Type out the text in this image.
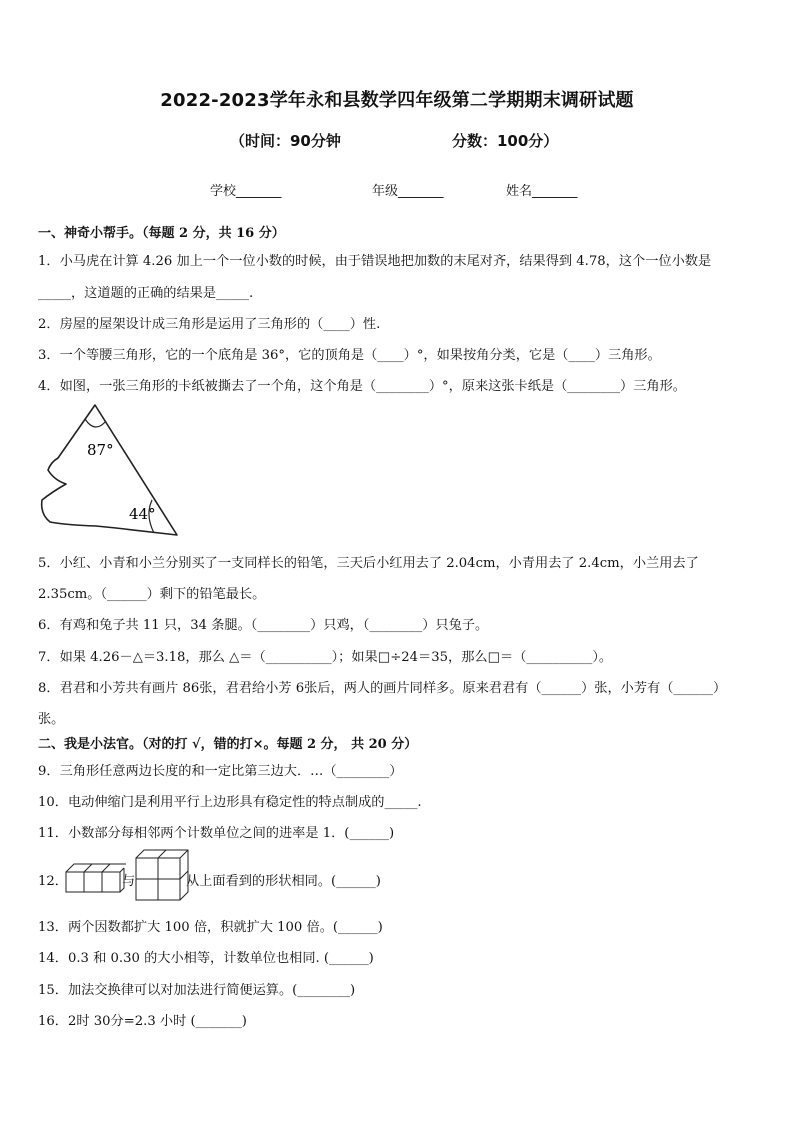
2022-2023学年永和县数学四年级第二学期期末调研试题
（时间：90分钟	分数：100分）
学校_______	年级_______	姓名_______
一、神奇小帮手。（每题 2 分，共 16 分）
1．小马虎在计算 4.26 加上一个一位小数的时候，由于错误地把加数的末尾对齐，结果得到 4.78，这个一位小数是
_____，这道题的正确的结果是_____.
2．房屋的屋架设计成三角形是运用了三角形的（____）性.
3．一个等腰三角形，它的一个底角是 36°，它的顶角是（____）°，如果按角分类，它是（____）三角形。
4．如图，一张三角形的卡纸被撕去了一个角，这个角是（________）°，原来这张卡纸是（________）三角形。
87°
44°
5．小红、小青和小兰分别买了一支同样长的铅笔，三天后小红用去了 2.04cm，小青用去了 2.4cm，小兰用去了
2.35cm。（______）剩下的铅笔最长。
6．有鸡和兔子共 11 只，34 条腿。（________）只鸡，（________）只兔子。
7．如果 4.26－△＝3.18，那么 △＝（__________）；如果□÷24＝35，那么□＝（__________）。
8．君君和小芳共有画片 86张，君君给小芳 6张后，两人的画片同样多。原来君君有（______）张，小芳有（______）
张。
二、我是小法官。（对的打 √，错的打×。每题 2 分， 共 20 分）
9．三角形任意两边长度的和一定比第三边大．…（________）
10．电动伸缩门是利用平行上边形具有稳定性的特点制成的_____.
11．小数部分每相邻两个计数单位之间的进率是 1．(______)
12．	与	从上面看到的形状相同。(______)
13．两个因数都扩大 100 倍，积就扩大 100 倍。(______)
14．0.3 和 0.30 的大小相等，计数单位也相同. (______)
15．加法交换律可以对加法进行简便运算。(________)
16．2时 30分=2.3 小时 (_______)
